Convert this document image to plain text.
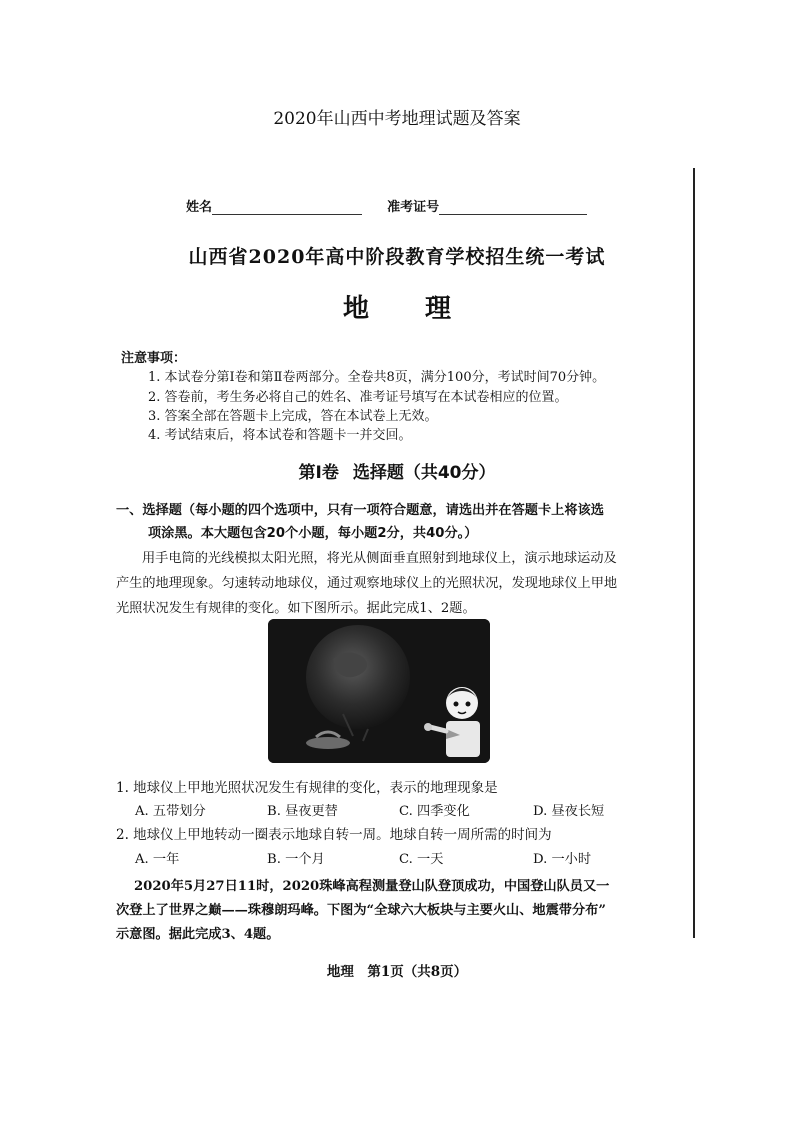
2020年山西中考地理试题及答案
姓名	准考证号
山西省2020年高中阶段教育学校招生统一考试
地 理
注意事项：
1. 本试卷分第Ⅰ卷和第Ⅱ卷两部分。全卷共8页，满分100分，考试时间70分钟。
2. 答卷前，考生务必将自己的姓名、准考证号填写在本试卷相应的位置。
3. 答案全部在答题卡上完成，答在本试卷上无效。
4. 考试结束后，将本试卷和答题卡一并交回。
第Ⅰ卷 选择题（共40分）
一、选择题（每小题的四个选项中，只有一项符合题意，请选出并在答题卡上将该选
项涂黑。本大题包含20个小题，每小题2分，共40分。）
用手电筒的光线模拟太阳光照，将光从侧面垂直照射到地球仪上，演示地球运动及
产生的地理现象。匀速转动地球仪，通过观察地球仪上的光照状况，发现地球仪上甲地
光照状况发生有规律的变化。如下图所示。据此完成1、2题。
1. 地球仪上甲地光照状况发生有规律的变化，表示的地理现象是
A. 五带划分	B. 昼夜更替	C. 四季变化	D. 昼夜长短
2. 地球仪上甲地转动一圈表示地球自转一周。地球自转一周所需的时间为
A. 一年	B. 一个月	C. 一天	D. 一小时
2020年5月27日11时，2020珠峰高程测量登山队登顶成功，中国登山队员又一
次登上了世界之巅——珠穆朗玛峰。下图为“全球六大板块与主要火山、地震带分布”
示意图。据此完成3、4题。
地理　第1页（共8页）
